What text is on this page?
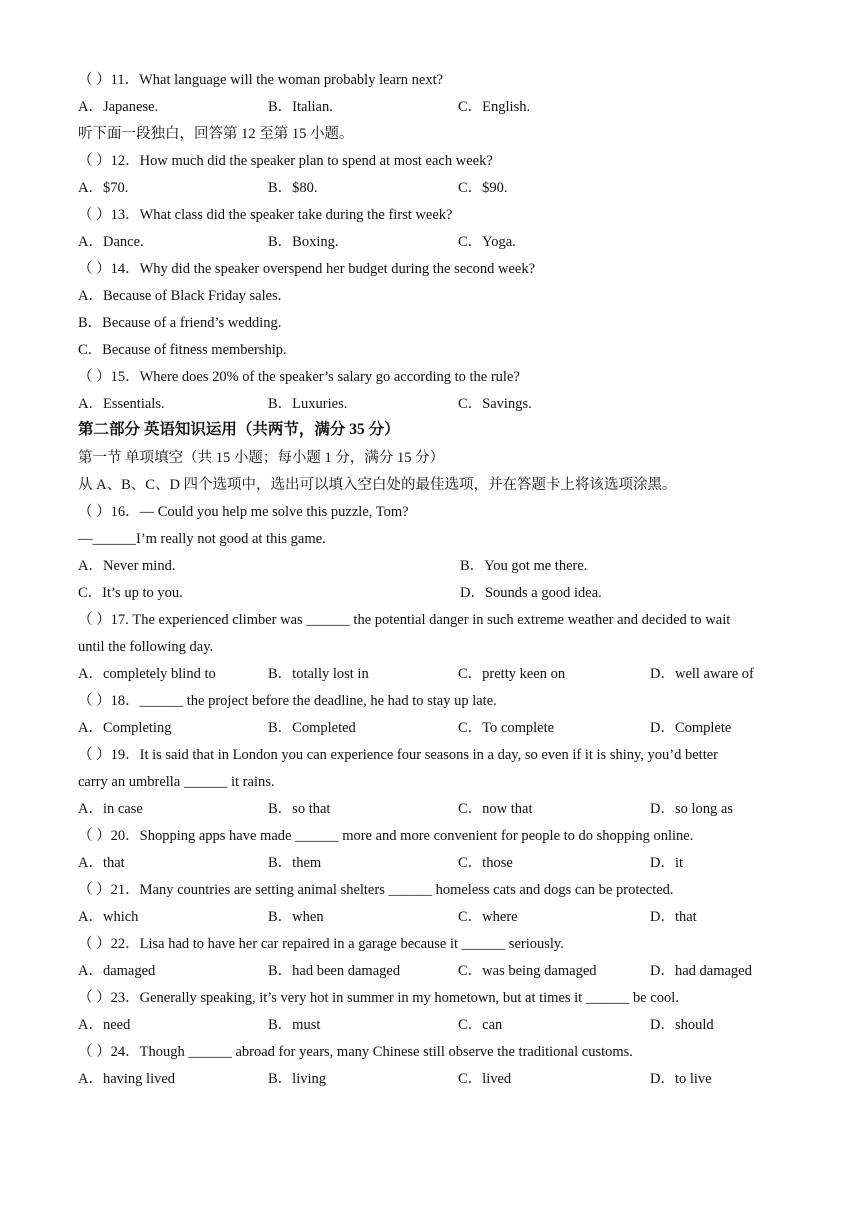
（ ）11．What language will the woman probably learn next?
A．Japanese.	B．Italian.	C．English.
听下面一段独白，回答第 12 至第 15 小题。
（ ）12．How much did the speaker plan to spend at most each week?
A．$70.	B．$80.	C．$90.
（ ）13．What class did the speaker take during the first week?
A．Dance.	B．Boxing.	C．Yoga.
（ ）14．Why did the speaker overspend her budget during the second week?
A．Because of Black Friday sales.
B．Because of a friend’s wedding.
C．Because of fitness membership.
（ ）15．Where does 20% of the speaker’s salary go according to the rule?
A．Essentials.	B．Luxuries.	C．Savings.
第二部分 英语知识运用（共两节，满分 35 分）
第一节 单项填空（共 15 小题；每小题 1 分，满分 15 分）
从 A、B、C、D 四个选项中，选出可以填入空白处的最佳选项，并在答题卡上将该选项涂黑。
（ ）16．— Could you help me solve this puzzle, Tom?
—______I’m really not good at this game.
A．Never mind.	B．You got me there.
C．It’s up to you.	D．Sounds a good idea.
（ ）17. The experienced climber was ______ the potential danger in such extreme weather and decided to wait
until the following day.
A．completely blind to	B．totally lost in	C．pretty keen on	D．well aware of
（ ）18．______ the project before the deadline, he had to stay up late.
A．Completing	B．Completed	C．To complete	D．Complete
（ ）19．It is said that in London you can experience four seasons in a day, so even if it is shiny, you’d better
carry an umbrella ______ it rains.
A．in case	B．so that	C．now that	D．so long as
（ ）20．Shopping apps have made ______ more and more convenient for people to do shopping online.
A．that	B．them	C．those	D．it
（ ）21．Many countries are setting animal shelters ______ homeless cats and dogs can be protected.
A．which	B．when	C．where	D．that
（ ）22．Lisa had to have her car repaired in a garage because it ______ seriously.
A．damaged	B．had been damaged	C．was being damaged	D．had damaged
（ ）23．Generally speaking, it’s very hot in summer in my hometown, but at times it ______ be cool.
A．need	B．must	C．can	D．should
（ ）24．Though ______ abroad for years, many Chinese still observe the traditional customs.
A．having lived	B．living	C．lived	D．to live
